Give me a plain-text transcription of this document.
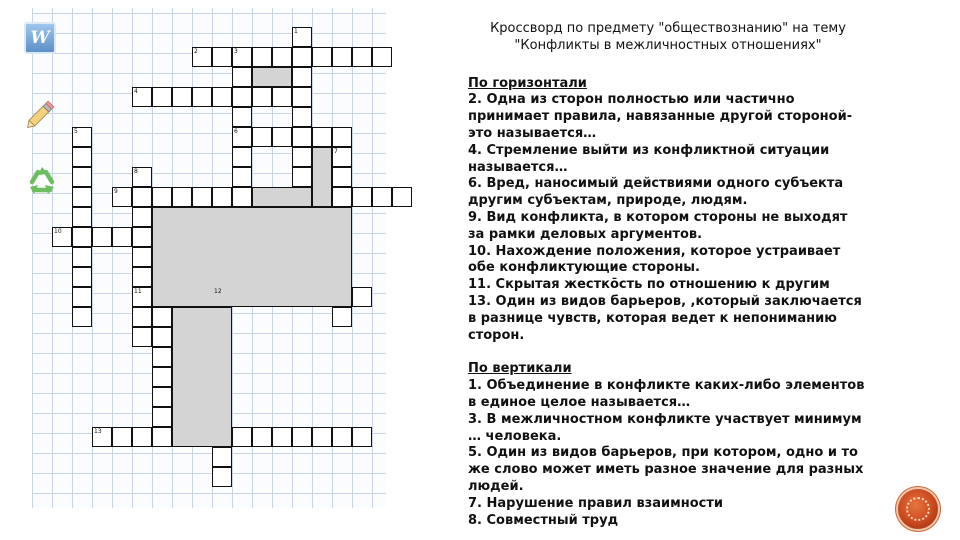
W	1
2	3
4
5	6
7
8
9
10
11	12
13

Кроссворд по предмету "обществознанию" на тему "Конфликты в межличностных отношениях"

По горизонтали

2. Одна из сторон полностью или частично принимает правила, навязанные другой стороной- это называется…

4. Стремление выйти из конфликтной ситуации называется…

6. Вред, наносимый действиями одного субъекта другим субъектам, природе, людям.

9. Вид конфликта, в котором стороны не выходят за рамки деловых аргументов.

10. Нахождение положения, которое устраивает обе конфликтующие стороны.

11. Скрытая жестко̄сть по отношению к другим

13. Один из видов барьеров, ,который заключается в разнице чувств, которая ведет к непониманию сторон.

По вертикали

1. Объединение в конфликте каких-либо элементов в единое целое называется…

3. В межличностном конфликте участвует минимум … человека.

5. Один из видов барьеров, при котором, одно и то же слово может иметь разное значение для разных людей.

7. Нарушение правил взаимности

8. Совместный труд
